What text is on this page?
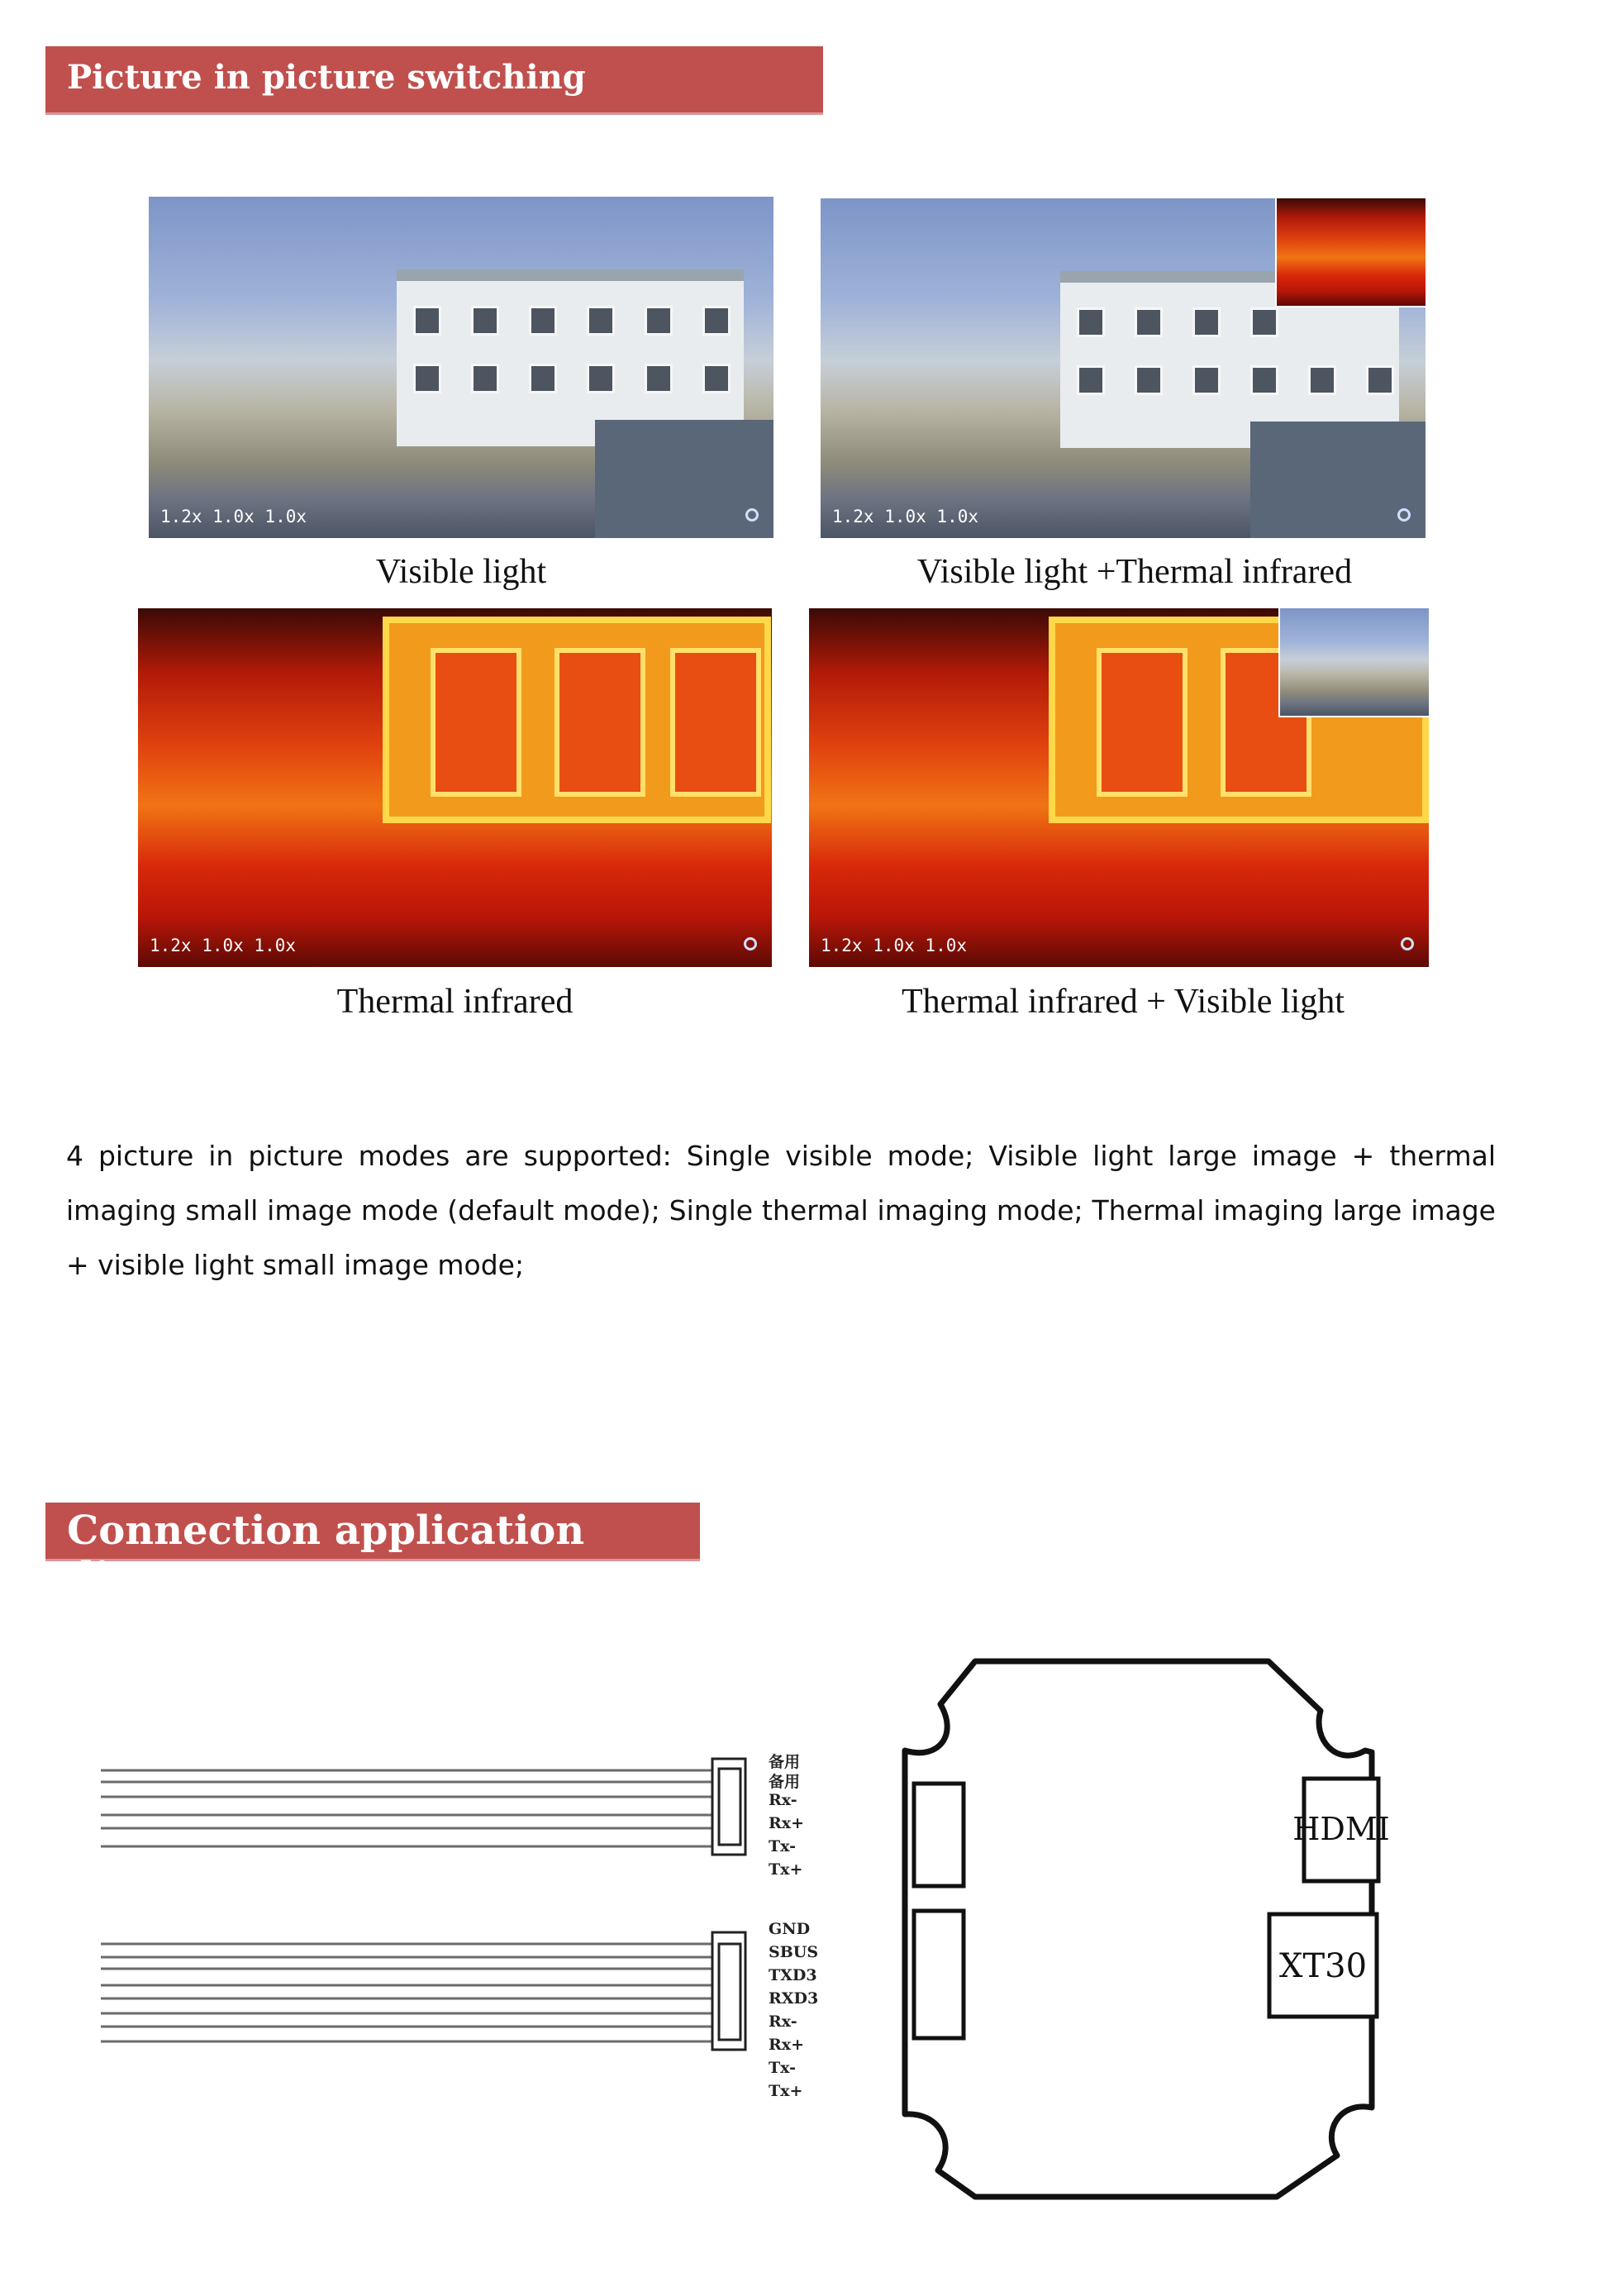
Picture in picture switching
1.2x 1.0x 1.0x
Visible light
1.2x 1.0x 1.0x
Visible light +Thermal infrared
1.2x 1.0x 1.0x
Thermal infrared
1.2x 1.0x 1.0x
Thermal infrared + Visible light

4 picture in picture modes are supported: Single visible mode; Visible light large image + thermal imaging small image mode (default mode); Single thermal imaging mode; Thermal imaging large image + visible light small image mode;

Connection application diagram
备用
备用
Rx-
Rx+
Tx-
Tx+
GND
SBUS
TXD3
RXD3
Rx-
Rx+
Tx-
Tx+
HDMI
XT30
